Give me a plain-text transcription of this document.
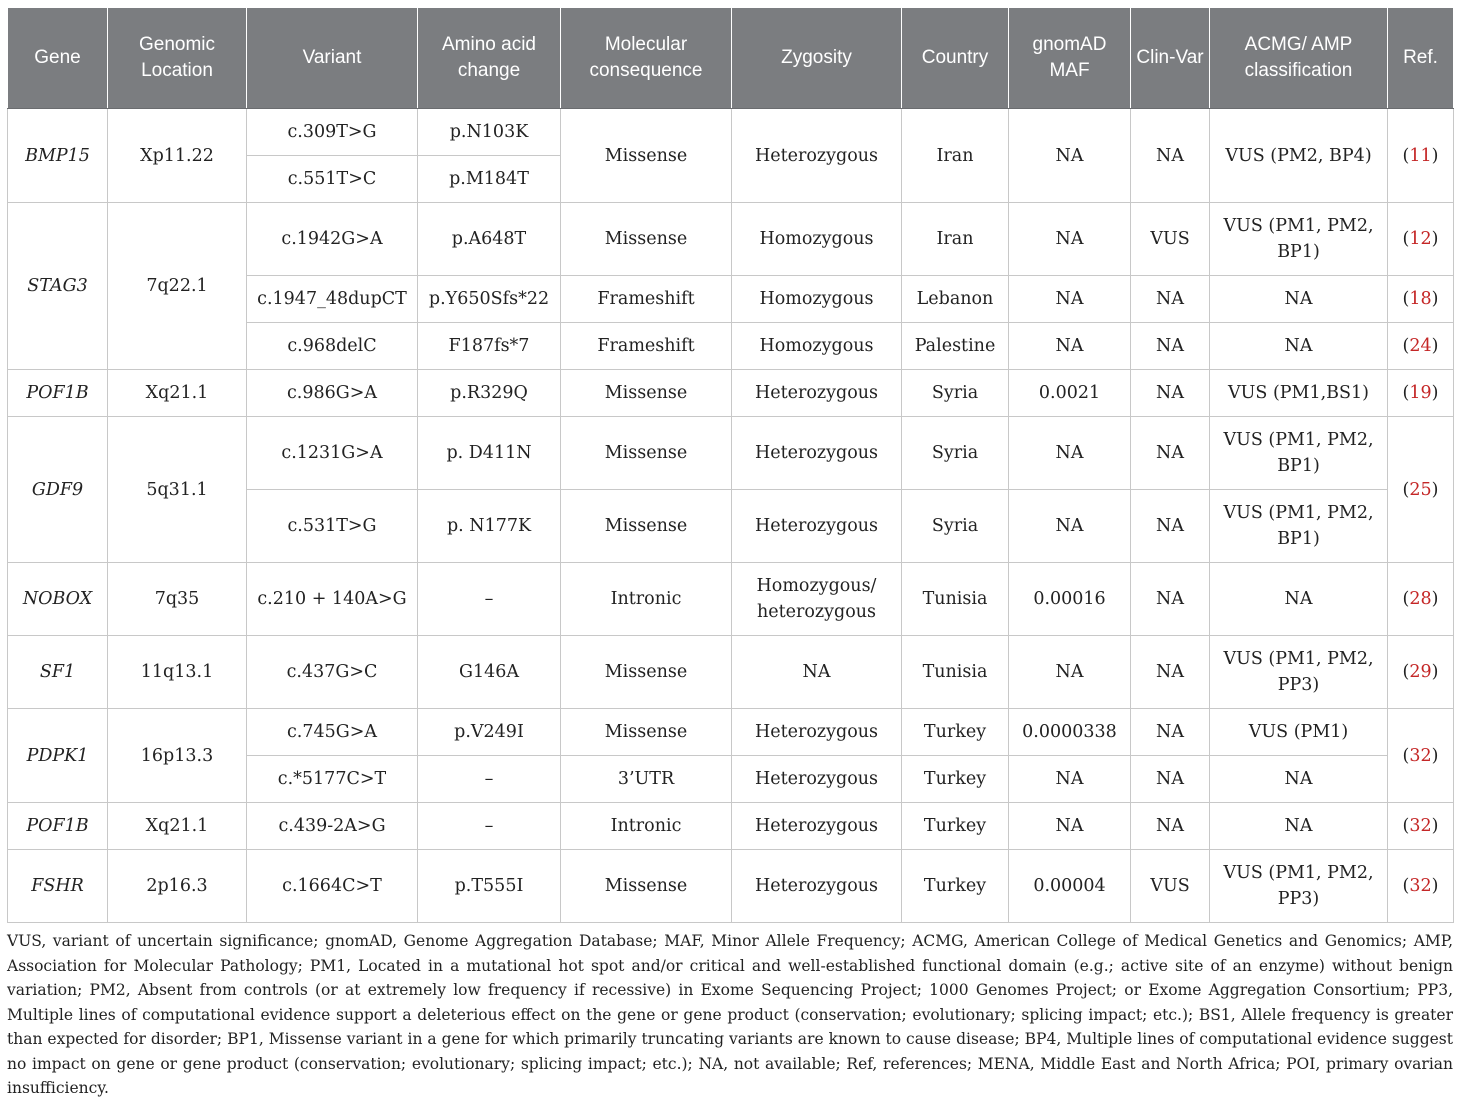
Gene	Genomic Location	Variant	Amino acid change	Molecular consequence	Zygosity	Country	gnomAD MAF	Clin-Var	ACMG/ AMP classification	Ref.
BMP15	Xp11.22	c.309T>G	p.N103K	Missense	Heterozygous	Iran	NA	NA	VUS (PM2, BP4)	(11)
		c.551T>C	p.M184T							
STAG3	7q22.1	c.1942G>A	p.A648T	Missense	Homozygous	Iran	NA	VUS	VUS (PM1, PM2, BP1)	(12)
		c.1947_48dupCT	p.Y650Sfs*22	Frameshift	Homozygous	Lebanon	NA	NA	NA	(18)
		c.968delC	F187fs*7	Frameshift	Homozygous	Palestine	NA	NA	NA	(24)
POF1B	Xq21.1	c.986G>A	p.R329Q	Missense	Heterozygous	Syria	0.0021	NA	VUS (PM1,BS1)	(19)
GDF9	5q31.1	c.1231G>A	p. D411N	Missense	Heterozygous	Syria	NA	NA	VUS (PM1, PM2, BP1)	(25)
		c.531T>G	p. N177K	Missense	Heterozygous	Syria	NA	NA	VUS (PM1, PM2, BP1)	
NOBOX	7q35	c.210 + 140A>G	–	Intronic	Homozygous/ heterozygous	Tunisia	0.00016	NA	NA	(28)
SF1	11q13.1	c.437G>C	G146A	Missense	NA	Tunisia	NA	NA	VUS (PM1, PM2, PP3)	(29)
PDPK1	16p13.3	c.745G>A	p.V249I	Missense	Heterozygous	Turkey	0.0000338	NA	VUS (PM1)	(32)
		c.*5177C>T	–	3’UTR	Heterozygous	Turkey	NA	NA	NA	
POF1B	Xq21.1	c.439-2A>G	–	Intronic	Heterozygous	Turkey	NA	NA	NA	(32)
FSHR	2p16.3	c.1664C>T	p.T555I	Missense	Heterozygous	Turkey	0.00004	VUS	VUS (PM1, PM2, PP3)	(32)

VUS, variant of uncertain significance; gnomAD, Genome Aggregation Database; MAF, Minor Allele Frequency; ACMG, American College of Medical Genetics and Genomics; AMP, Association for Molecular Pathology; PM1, Located in a mutational hot spot and/or critical and well-established functional domain (e.g.; active site of an enzyme) without benign variation; PM2, Absent from controls (or at extremely low frequency if recessive) in Exome Sequencing Project; 1000 Genomes Project; or Exome Aggregation Consortium; PP3, Multiple lines of computational evidence support a deleterious effect on the gene or gene product (conservation; evolutionary; splicing impact; etc.); BS1, Allele frequency is greater than expected for disorder; BP1, Missense variant in a gene for which primarily truncating variants are known to cause disease; BP4, Multiple lines of computational evidence suggest no impact on gene or gene product (conservation; evolutionary; splicing impact; etc.); NA, not available; Ref, references; MENA, Middle East and North Africa; POI, primary ovarian insufficiency.
